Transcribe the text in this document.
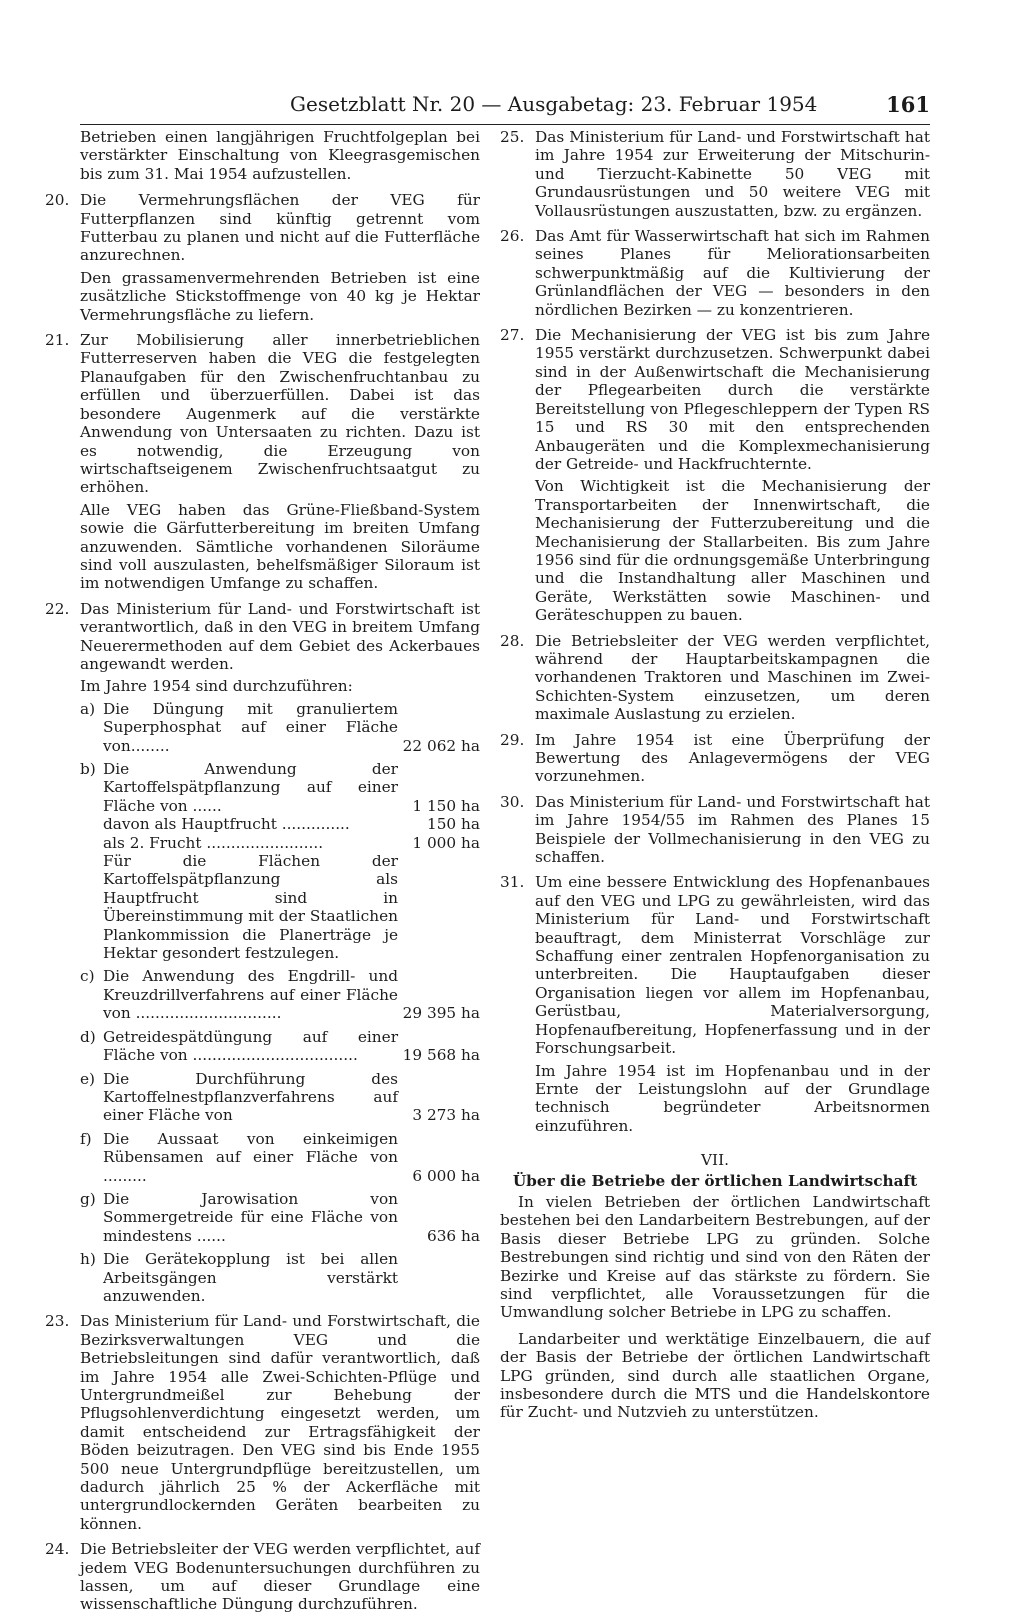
Gesetzblatt Nr. 20 — Ausgabetag: 23. Februar 1954	161

Betrieben einen langjährigen Fruchtfolgeplan bei verstärkter Einschaltung von Kleegrasgemischen bis zum 31. Mai 1954 aufzustellen.

20. Die Vermehrungsflächen der VEG für Futterpflanzen sind künftig getrennt vom Futterbau zu planen und nicht auf die Futterfläche anzurechnen.

Den grassamenvermehrenden Betrieben ist eine zusätzliche Stickstoffmenge von 40 kg je Hektar Vermehrungsfläche zu liefern.

21. Zur Mobilisierung aller innerbetrieblichen Futterreserven haben die VEG die festgelegten Planaufgaben für den Zwischenfruchtanbau zu erfüllen und überzuerfüllen. Dabei ist das besondere Augenmerk auf die verstärkte Anwendung von Untersaaten zu richten. Dazu ist es notwendig, die Erzeugung von wirtschaftseigenem Zwischenfruchtsaatgut zu erhöhen.

Alle VEG haben das Grüne-Fließband-System sowie die Gärfutterbereitung im breiten Umfang anzuwenden. Sämtliche vorhandenen Siloräume sind voll auszulasten, behelfsmäßiger Siloraum ist im notwendigen Umfange zu schaffen.

22. Das Ministerium für Land- und Forstwirtschaft ist verantwortlich, daß in den VEG in breitem Umfang Neuerermethoden auf dem Gebiet des Ackerbaues angewandt werden.

Im Jahre 1954 sind durchzuführen:

a) Die Düngung mit granuliertem Superphosphat auf einer Fläche von........	22 062 ha
b) Die Anwendung der Kartoffelspätpflanzung auf einer Fläche von ......	1 150 ha
davon als Hauptfrucht ..............	150 ha
als 2. Frucht ........................	1 000 ha
Für die Flächen der Kartoffelspätpflanzung als Hauptfrucht sind in Übereinstimmung mit der Staatlichen Plankommission die Planerträge je Hektar gesondert festzulegen.
c) Die Anwendung des Engdrill- und Kreuzdrillverfahrens auf einer Fläche von ..............................	29 395 ha
d) Getreidespätdüngung auf einer Fläche von ..................................	19 568 ha
e) Die Durchführung des Kartoffelnestpflanzverfahrens auf einer Fläche von	3 273 ha
f) Die Aussaat von einkeimigen Rübensamen auf einer Fläche von .........	6 000 ha
g) Die Jarowisation von Sommergetreide für eine Fläche von mindestens ......	636 ha
h) Die Gerätekopplung ist bei allen Arbeitsgängen verstärkt anzuwenden.
23. Das Ministerium für Land- und Forstwirtschaft, die Bezirksverwaltungen VEG und die Betriebsleitungen sind dafür verantwortlich, daß im Jahre 1954 alle Zwei-Schichten-Pflüge und Untergrundmeißel zur Behebung der Pflugsohlenverdichtung eingesetzt werden, um damit entscheidend zur Ertragsfähigkeit der Böden beizutragen. Den VEG sind bis Ende 1955 500 neue Untergrundpflüge bereitzustellen, um dadurch jährlich 25 % der Ackerfläche mit untergrundlockernden Geräten bearbeiten zu können.

24. Die Betriebsleiter der VEG werden verpflichtet, auf jedem VEG Bodenuntersuchungen durchführen zu lassen, um auf dieser Grundlage eine wissenschaftliche Düngung durchzuführen.

25. Das Ministerium für Land- und Forstwirtschaft hat im Jahre 1954 zur Erweiterung der Mitschurin- und Tierzucht-Kabinette 50 VEG mit Grundausrüstungen und 50 weitere VEG mit Vollausrüstungen auszustatten, bzw. zu ergänzen.

26. Das Amt für Wasserwirtschaft hat sich im Rahmen seines Planes für Meliorationsarbeiten schwerpunktmäßig auf die Kultivierung der Grünlandflächen der VEG — besonders in den nördlichen Bezirken — zu konzentrieren.

27. Die Mechanisierung der VEG ist bis zum Jahre 1955 verstärkt durchzusetzen. Schwerpunkt dabei sind in der Außenwirtschaft die Mechanisierung der Pflegearbeiten durch die verstärkte Bereitstellung von Pflegeschleppern der Typen RS 15 und RS 30 mit den entsprechenden Anbaugeräten und die Komplexmechanisierung der Getreide- und Hackfruchternte.

Von Wichtigkeit ist die Mechanisierung der Transportarbeiten der Innenwirtschaft, die Mechanisierung der Futterzubereitung und die Mechanisierung der Stallarbeiten. Bis zum Jahre 1956 sind für die ordnungsgemäße Unterbringung und die Instandhaltung aller Maschinen und Geräte, Werkstätten sowie Maschinen- und Geräteschuppen zu bauen.

28. Die Betriebsleiter der VEG werden verpflichtet, während der Hauptarbeitskampagnen die vorhandenen Traktoren und Maschinen im Zwei-Schichten-System einzusetzen, um deren maximale Auslastung zu erzielen.

29. Im Jahre 1954 ist eine Überprüfung der Bewertung des Anlagevermögens der VEG vorzunehmen.

30. Das Ministerium für Land- und Forstwirtschaft hat im Jahre 1954/55 im Rahmen des Planes 15 Beispiele der Vollmechanisierung in den VEG zu schaffen.

31. Um eine bessere Entwicklung des Hopfenanbaues auf den VEG und LPG zu gewährleisten, wird das Ministerium für Land- und Forstwirtschaft beauftragt, dem Ministerrat Vorschläge zur Schaffung einer zentralen Hopfenorganisation zu unterbreiten. Die Hauptaufgaben dieser Organisation liegen vor allem im Hopfenanbau, Gerüstbau, Materialversorgung, Hopfenaufbereitung, Hopfenerfassung und in der Forschungsarbeit.

Im Jahre 1954 ist im Hopfenanbau und in der Ernte der Leistungslohn auf der Grundlage technisch begründeter Arbeitsnormen einzuführen.

VII.
Über die Betriebe der örtlichen Landwirtschaft

In vielen Betrieben der örtlichen Landwirtschaft bestehen bei den Landarbeitern Bestrebungen, auf der Basis dieser Betriebe LPG zu gründen. Solche Bestrebungen sind richtig und sind von den Räten der Bezirke und Kreise auf das stärkste zu fördern. Sie sind verpflichtet, alle Voraussetzungen für die Umwandlung solcher Betriebe in LPG zu schaffen.

Landarbeiter und werktätige Einzelbauern, die auf der Basis der Betriebe der örtlichen Landwirtschaft LPG gründen, sind durch alle staatlichen Organe, insbesondere durch die MTS und die Handelskontore für Zucht- und Nutzvieh zu unterstützen.
